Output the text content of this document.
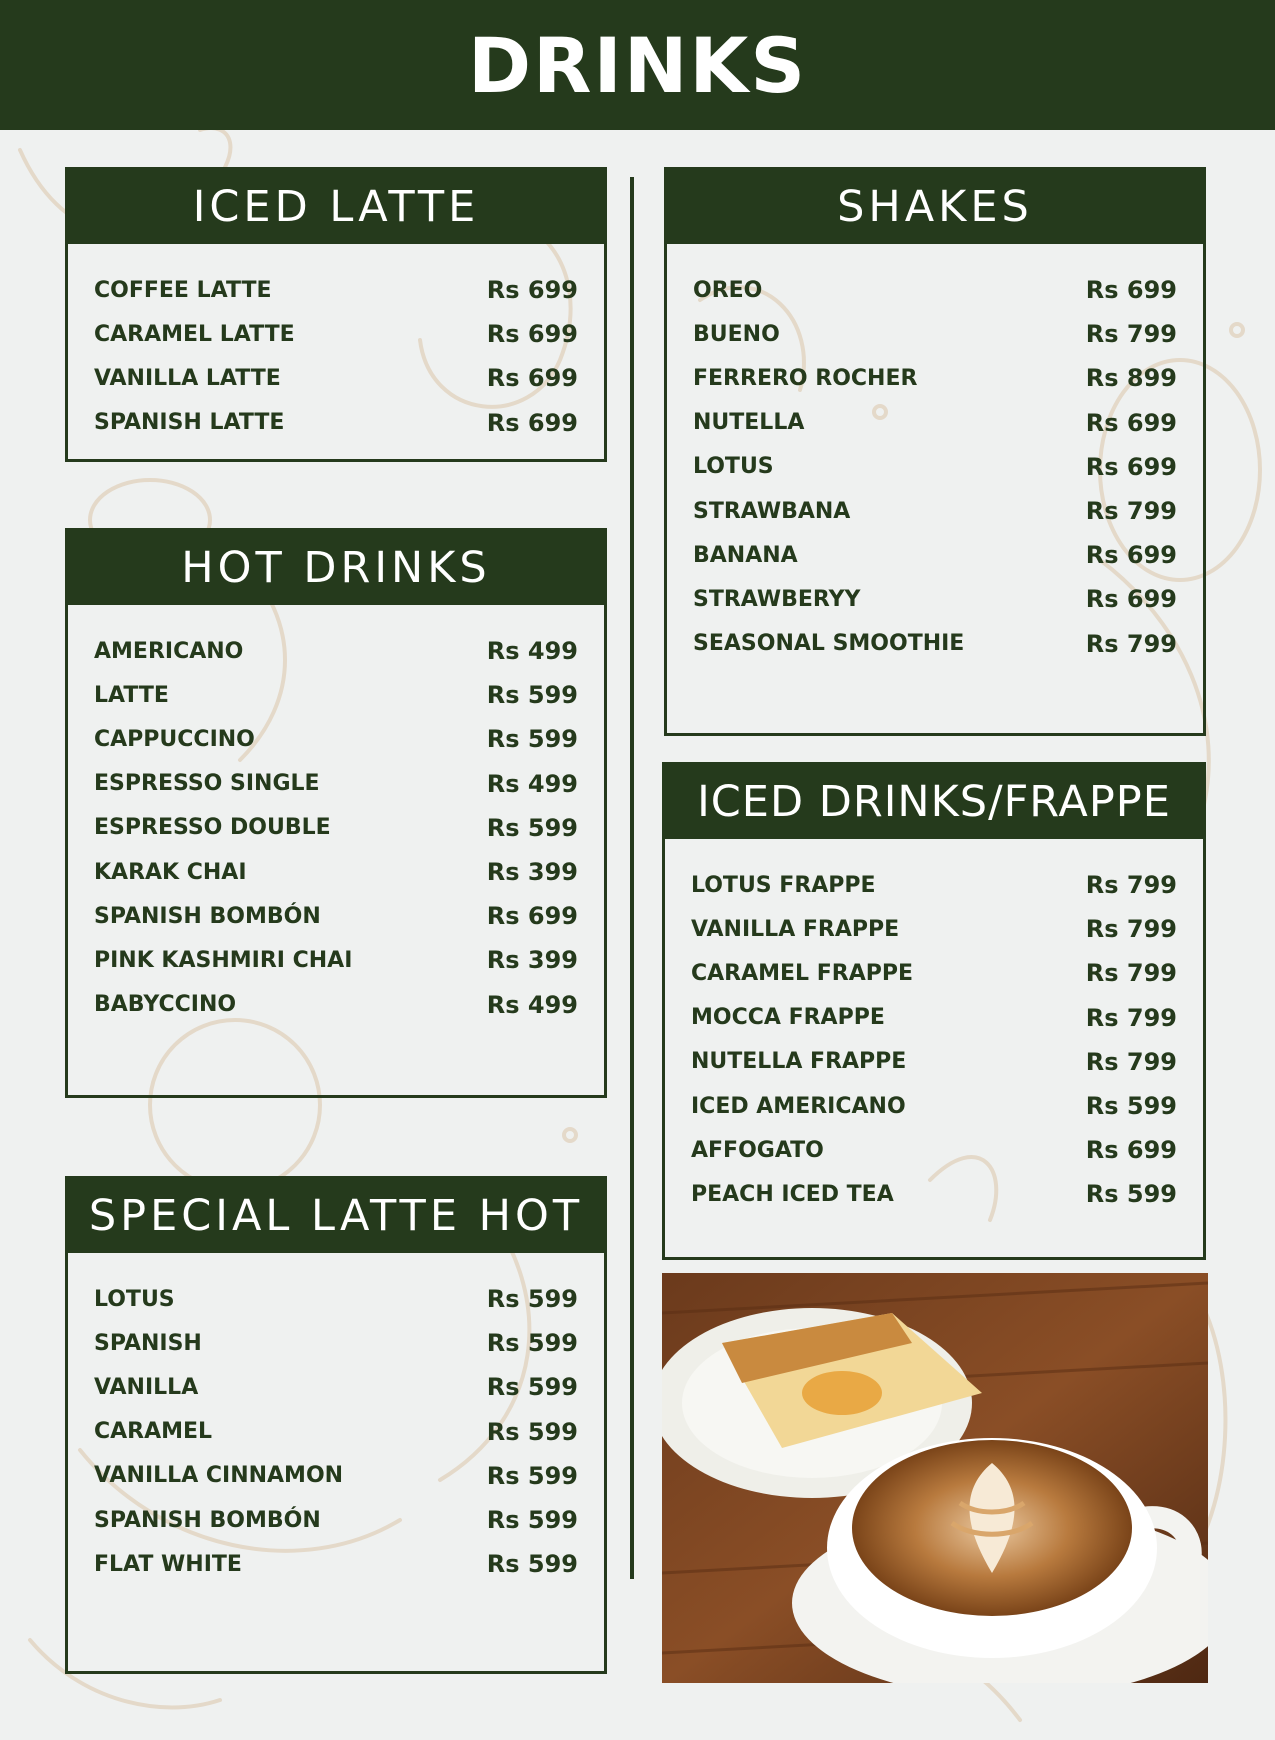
DRINKS
ICED LATTE
COFFEE LATTE	Rs 699
CARAMEL LATTE	Rs 699
VANILLA LATTE	Rs 699
SPANISH LATTE	Rs 699
HOT DRINKS
AMERICANO	Rs 499
LATTE	Rs 599
CAPPUCCINO	Rs 599
ESPRESSO SINGLE	Rs 499
ESPRESSO DOUBLE	Rs 599
KARAK CHAI	Rs 399
SPANISH BOMBÓN	Rs 699
PINK KASHMIRI CHAI	Rs 399
BABYCCINO	Rs 499
SPECIAL LATTE HOT
LOTUS	Rs 599
SPANISH	Rs 599
VANILLA	Rs 599
CARAMEL	Rs 599
VANILLA CINNAMON	Rs 599
SPANISH BOMBÓN	Rs 599
FLAT WHITE	Rs 599
SHAKES
OREO	Rs 699
BUENO	Rs 799
FERRERO ROCHER	Rs 899
NUTELLA	Rs 699
LOTUS	Rs 699
STRAWBANA	Rs 799
BANANA	Rs 699
STRAWBERYY	Rs 699
SEASONAL SMOOTHIE	Rs 799
ICED DRINKS/FRAPPE
LOTUS FRAPPE	Rs 799
VANILLA FRAPPE	Rs 799
CARAMEL FRAPPE	Rs 799
MOCCA FRAPPE	Rs 799
NUTELLA FRAPPE	Rs 799
ICED AMERICANO	Rs 599
AFFOGATO	Rs 699
PEACH ICED TEA	Rs 599
